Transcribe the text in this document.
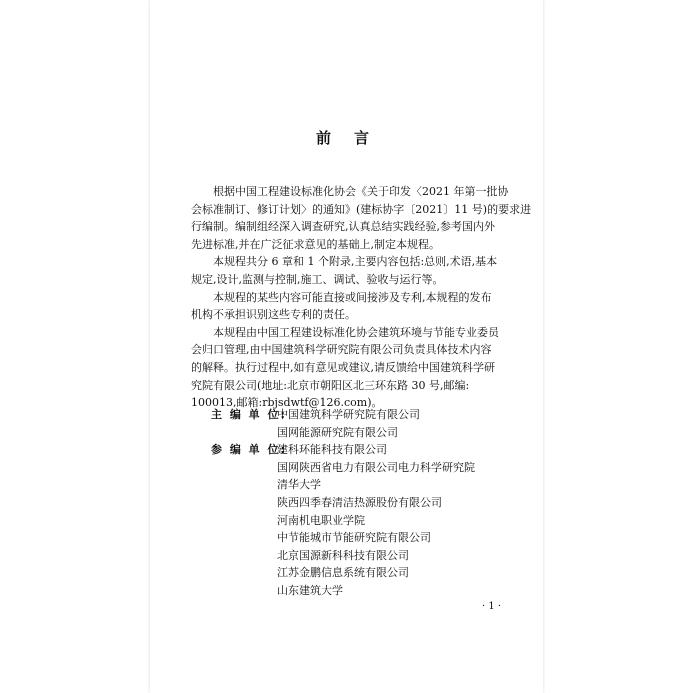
前 言
根据中国工程建设标准化协会《关于印发〈2021 年第一批协
会标准制订、修订计划〉的通知》(建标协字〔2021〕11 号)的要求进
行编制。编制组经深入调查研究,认真总结实践经验,参考国内外
先进标准,并在广泛征求意见的基础上,制定本规程。
本规程共分 6 章和 1 个附录,主要内容包括:总则,术语,基本
规定,设计,监测与控制,施工、调试、验收与运行等。
本规程的某些内容可能直接或间接涉及专利,本规程的发布
机构不承担识别这些专利的责任。
本规程由中国工程建设标准化协会建筑环境与节能专业委员
会归口管理,由中国建筑科学研究院有限公司负责具体技术内容
的解释。执行过程中,如有意见或建议,请反馈给中国建筑科学研
究院有限公司(地址:北京市朝阳区北三环东路 30 号,邮编:
100013,邮箱:rbjsdwtf@126.com)。
主 编 单 位:
中国建筑科学研究院有限公司
国网能源研究院有限公司
参 编 单 位:
建科环能科技有限公司
国网陕西省电力有限公司电力科学研究院
清华大学
陕西四季春清洁热源股份有限公司
河南机电职业学院
中节能城市节能研究院有限公司
北京国源新科科技有限公司
江苏金鹏信息系统有限公司
山东建筑大学
· 1 ·
